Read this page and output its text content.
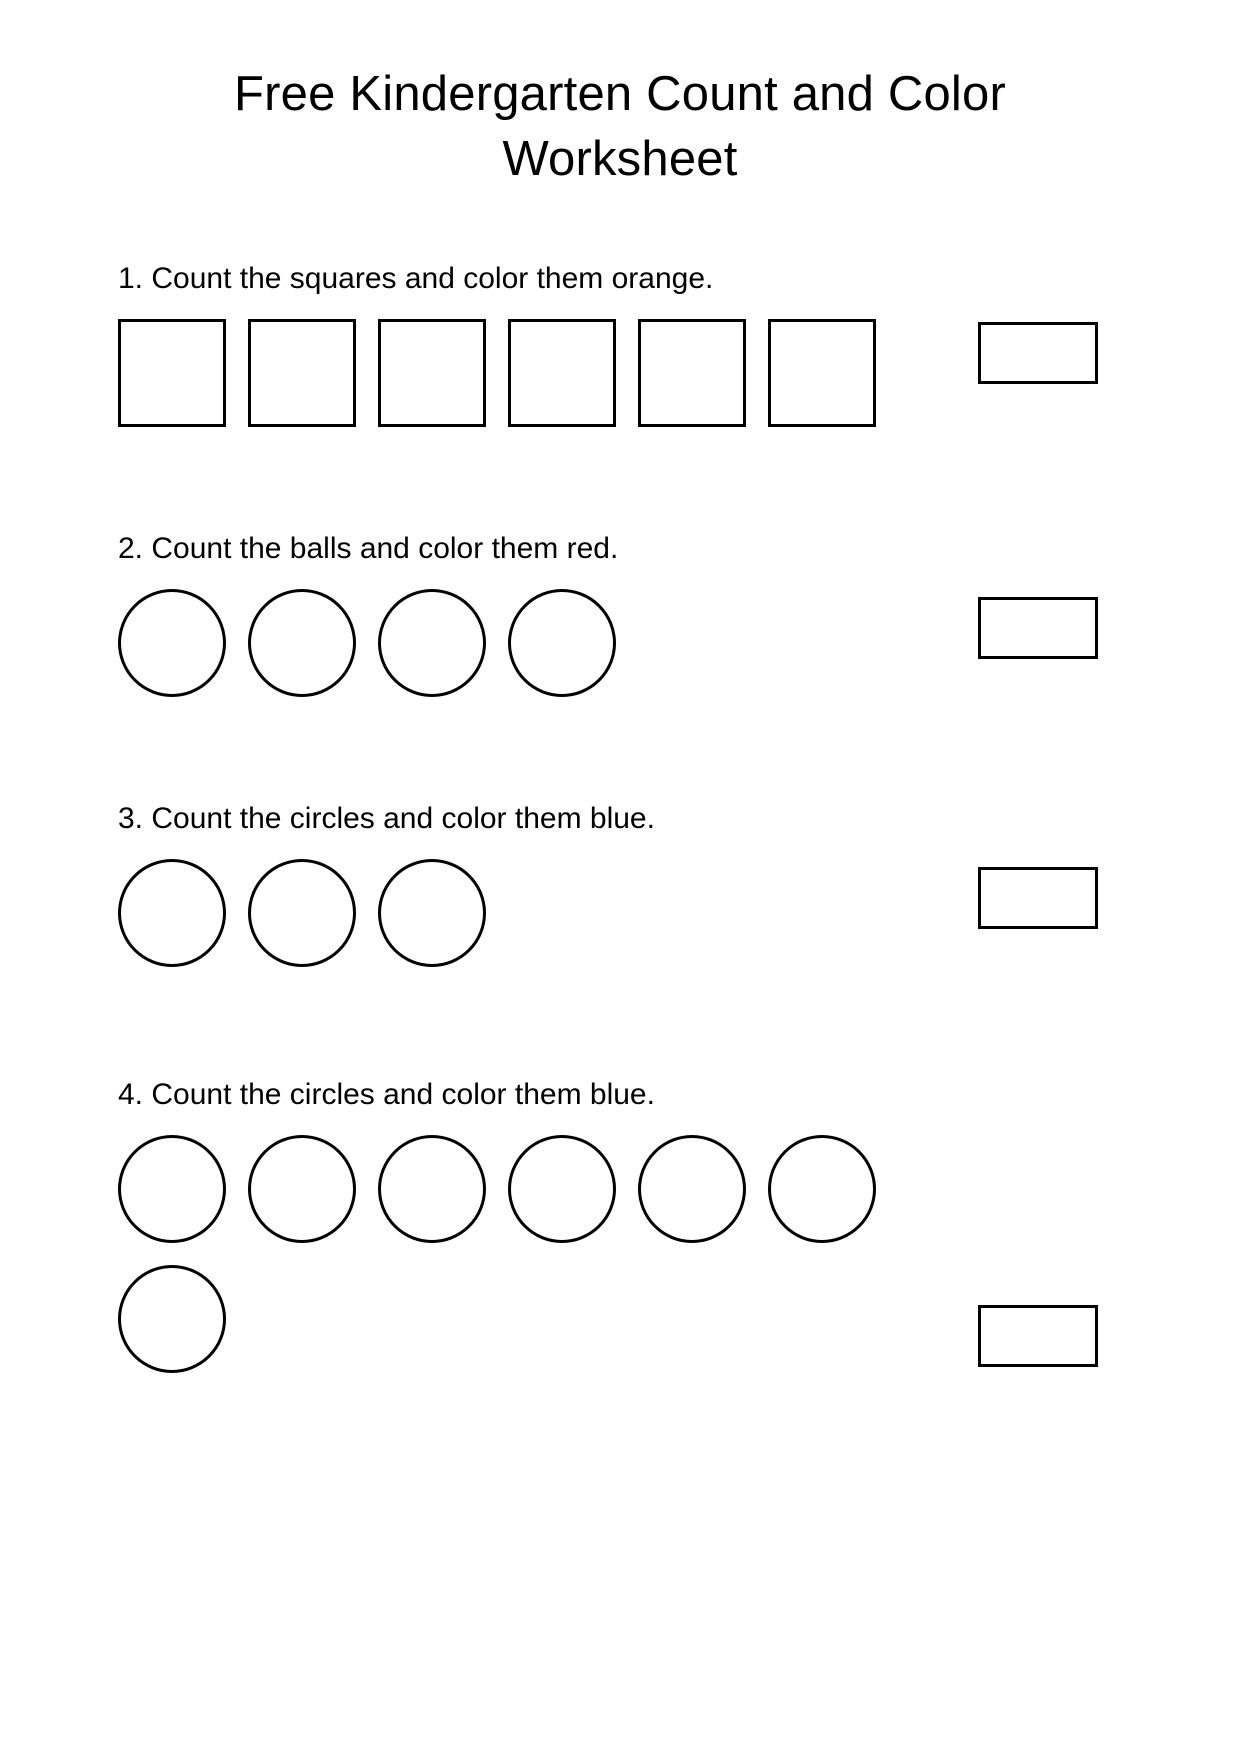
Free Kindergarten Count and Color Worksheet
1. Count the squares and color them orange.
2. Count the balls and color them red.
3. Count the circles and color them blue.
4. Count the circles and color them blue.
